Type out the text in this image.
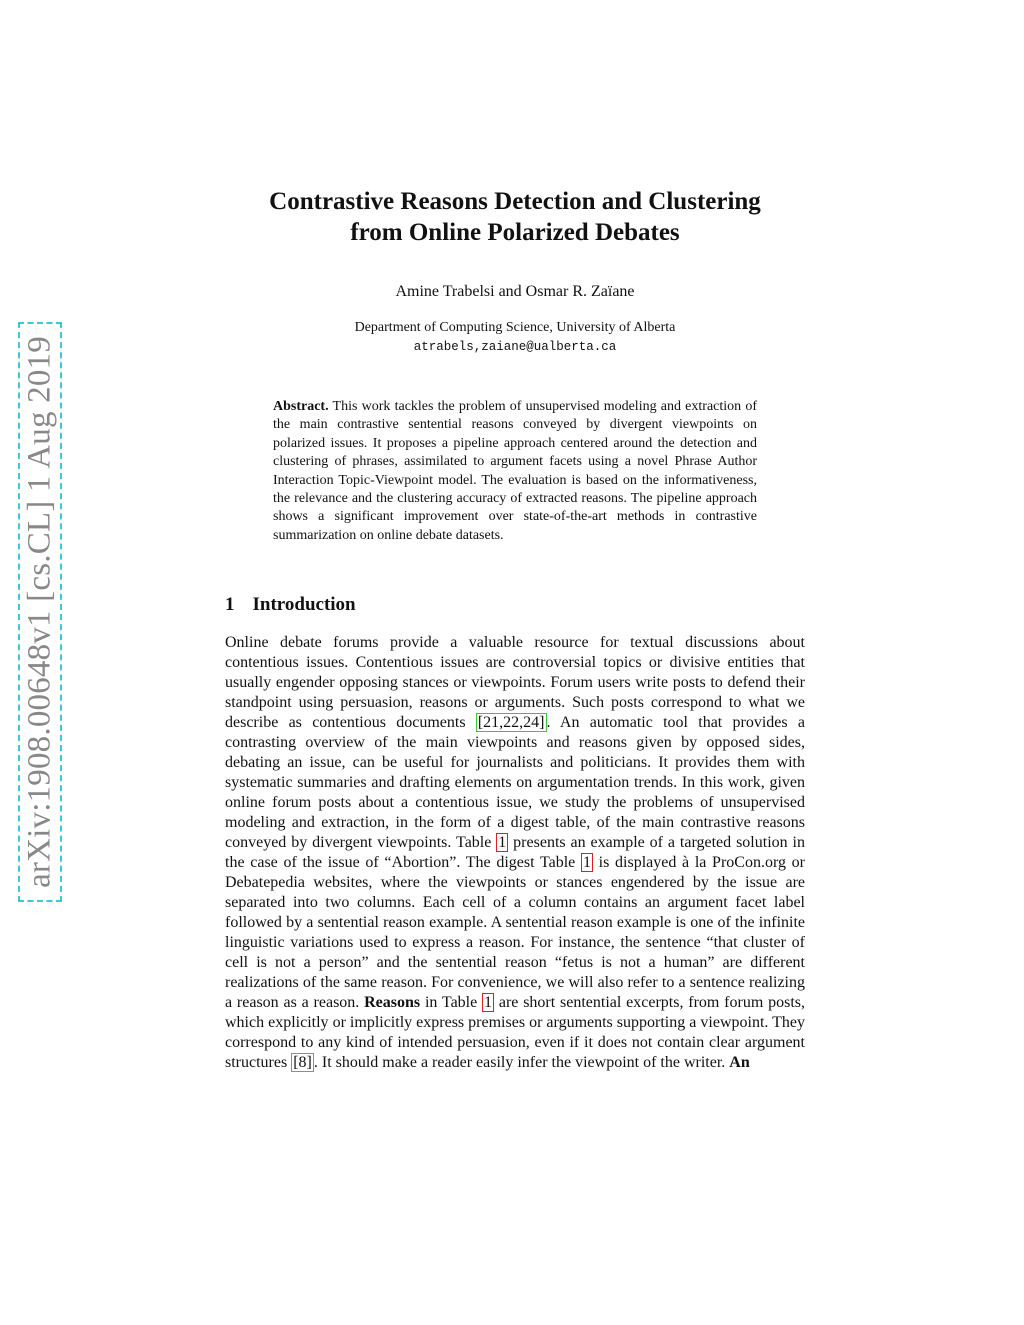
arXiv:1908.00648v1 [cs.CL] 1 Aug 2019
Contrastive Reasons Detection and Clustering
from Online Polarized Debates
Amine Trabelsi and Osmar R. Zaïane
Department of Computing Science, University of Alberta
atrabels,zaiane@ualberta.ca
Abstract. This work tackles the problem of unsupervised modeling and extraction of the main contrastive sentential reasons conveyed by divergent viewpoints on polarized issues. It proposes a pipeline approach centered around the detection and clustering of phrases, assimilated to argument facets using a novel Phrase Author Interaction Topic-Viewpoint model. The evaluation is based on the informativeness, the relevance and the clustering accuracy of extracted reasons. The pipeline approach shows a significant improvement over state-of-the-art methods in contrastive summarization on online debate datasets.
1 Introduction
Online debate forums provide a valuable resource for textual discussions about contentious issues. Contentious issues are controversial topics or divisive entities that usually engender opposing stances or viewpoints. Forum users write posts to defend their standpoint using persuasion, reasons or arguments. Such posts correspond to what we describe as contentious documents [21,22,24] . An automatic tool that provides a contrasting overview of the main viewpoints and reasons given by opposed sides, debating an issue, can be useful for journalists and politicians. It provides them with systematic summaries and drafting elements on argumentation trends. In this work, given online forum posts about a contentious issue, we study the problems of unsupervised modeling and extraction, in the form of a digest table, of the main contrastive reasons conveyed by divergent viewpoints. Table 1 presents an example of a targeted solution in the case of the issue of “Abortion”. The digest Table 1 is displayed à la ProCon.org or Debatepedia websites, where the viewpoints or stances engendered by the issue are separated into two columns. Each cell of a column contains an argument facet label followed by a sentential reason example. A sentential reason example is one of the infinite linguistic variations used to express a reason. For instance, the sentence “that cluster of cell is not a person” and the sentential reason “fetus is not a human” are different realizations of the same reason. For convenience, we will also refer to a sentence realizing a reason as a reason. Reasons in Table 1 are short sentential excerpts, from forum posts, which explicitly or implicitly express premises or arguments supporting a viewpoint. They correspond to any kind of intended persuasion, even if it does not contain clear argument structures [8] . It should make a reader easily infer the viewpoint of the writer. An
